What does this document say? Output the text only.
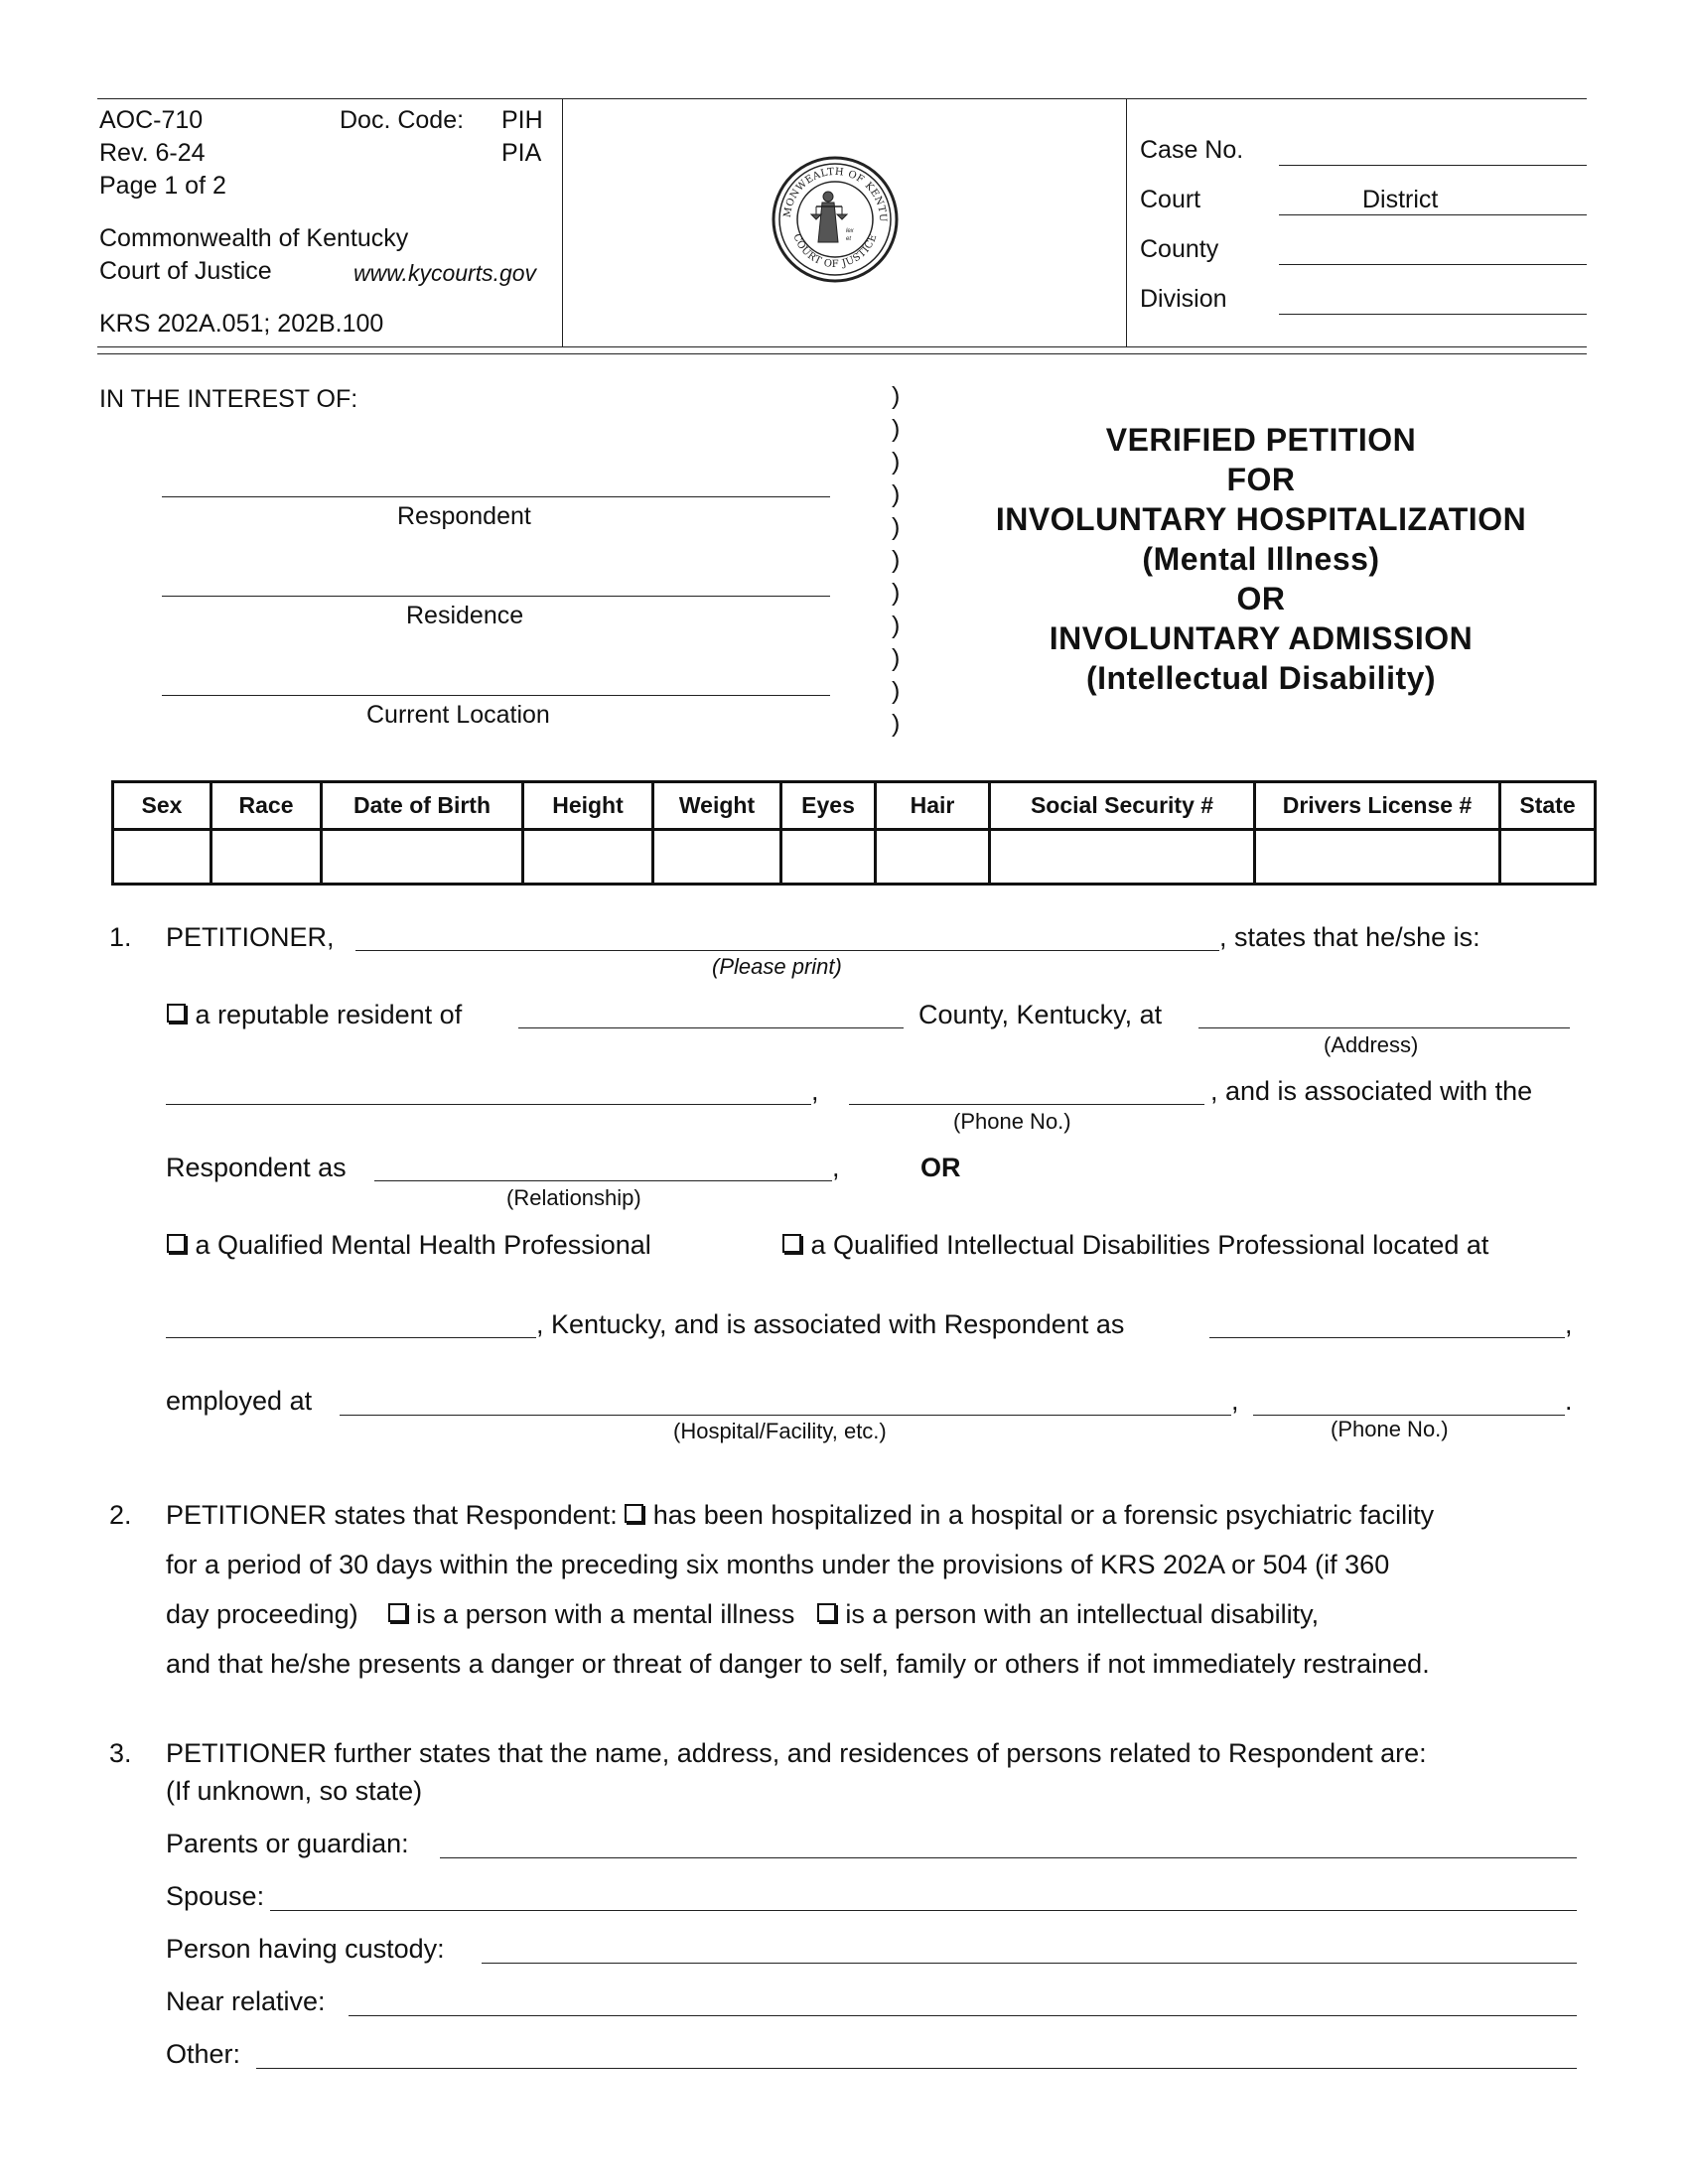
AOC-710	Doc. Code: PIH
Rev. 6-24	PIA
Page 1 of 2
Commonwealth of Kentucky
Court of Justice	www.kycourts.gov
KRS 202A.051; 202B.100
MONWEALTH OF KENTU
COURT OF JUSTICE
lex
et
Case No.
Court	District
County
Division
IN THE INTEREST OF:
Respondent
Residence
Current Location
)
)
)
)
)
)
)
)
)
)
)
VERIFIED PETITION
FOR
INVOLUNTARY HOSPITALIZATION
(Mental Illness)
OR
INVOLUNTARY ADMISSION
(Intellectual Disability)
Sex	Race	Date of Birth	Height	Weight	Eyes	Hair	Social Security #	Drivers License #	State

1. PETITIONER,	, states that he/she is:
(Please print)
a reputable resident of	County, Kentucky, at
(Address)
,	, and is associated with the
(Phone No.)
Respondent as	,
(Relationship)
OR
a Qualified Mental Health Professional	a Qualified Intellectual Disabilities Professional located at
, Kentucky, and is associated with Respondent as	,
employed at	,
(Hospital/Facility, etc.)
.
(Phone No.)
2. PETITIONER states that Respondent: has been hospitalized in a hospital or a forensic psychiatric facility
for a period of 30 days within the preceding six months under the provisions of KRS 202A or 504 (if 360
day proceeding) is a person with a mental illness is a person with an intellectual disability,
and that he/she presents a danger or threat of danger to self, family or others if not immediately restrained.
3. PETITIONER further states that the name, address, and residences of persons related to Respondent are:
(If unknown, so state)
Parents or guardian:
Spouse:
Person having custody:
Near relative:
Other:
